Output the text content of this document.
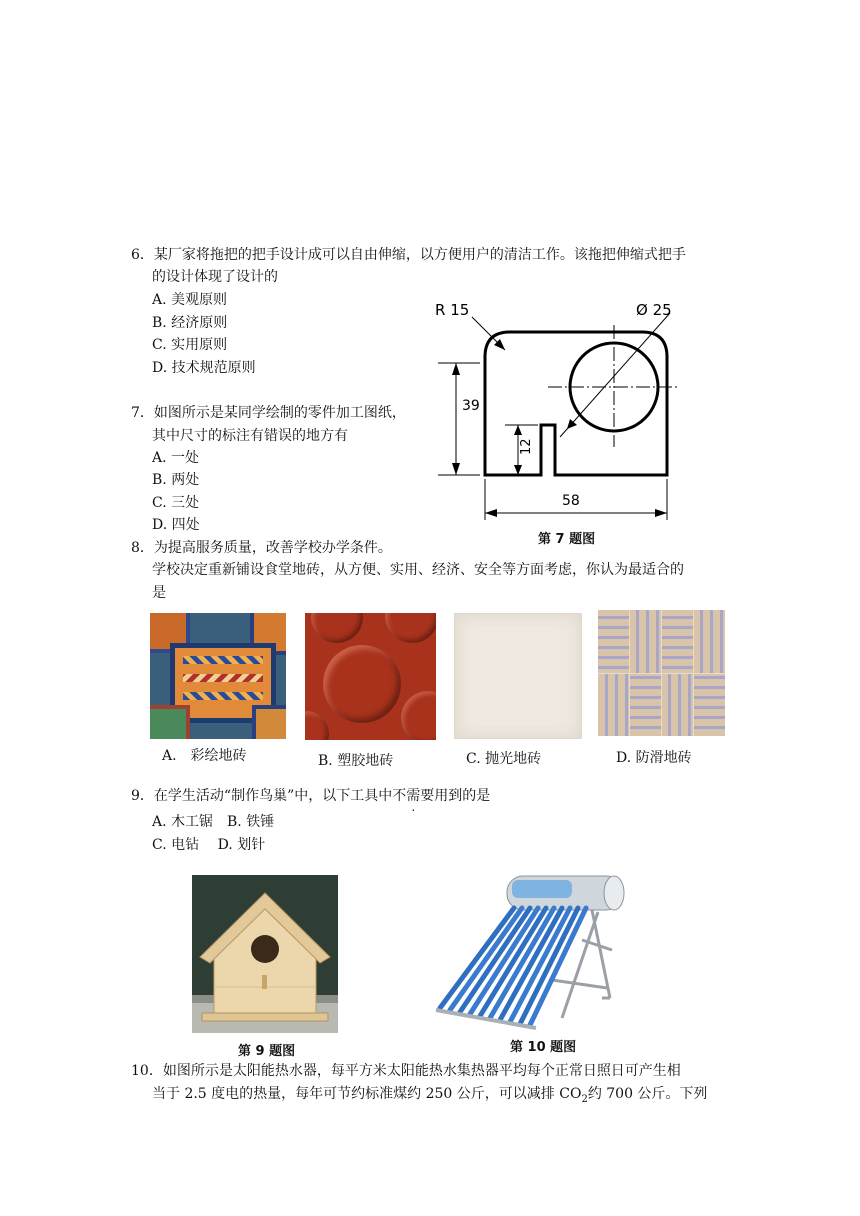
6．某厂家将拖把的把手设计成可以自由伸缩，以方便用户的清洁工作。该拖把伸缩式把手
的设计体现了设计的
A. 美观原则
B. 经济原则
C. 实用原则
D. 技术规范原则
7．如图所示是某同学绘制的零件加工图纸，
其中尺寸的标注有错误的地方有
A. 一处
B. 两处
C. 三处
D. 四处
R 15	Ø 25
39
12
58
第 7 题图
8．为提高服务质量，改善学校办学条件。
学校决定重新铺设食堂地砖，从方便、实用、经济、安全等方面考虑，你认为最适合的
是
A.　彩绘地砖	B. 塑胶地砖	C. 抛光地砖	D. 防滑地砖
9．在学生活动“制作鸟巢”中，以下工具中不需要用到的是
A. 木工锯　B. 铁锤
C. 电钻　 D. 划针
第 9 题图	第 10 题图
10．如图所示是太阳能热水器，每平方米太阳能热水集热器平均每个正常日照日可产生相
当于 2.5 度电的热量，每年可节约标准煤约 250 公斤，可以减排 $CO_2$约 700 公斤。下列
